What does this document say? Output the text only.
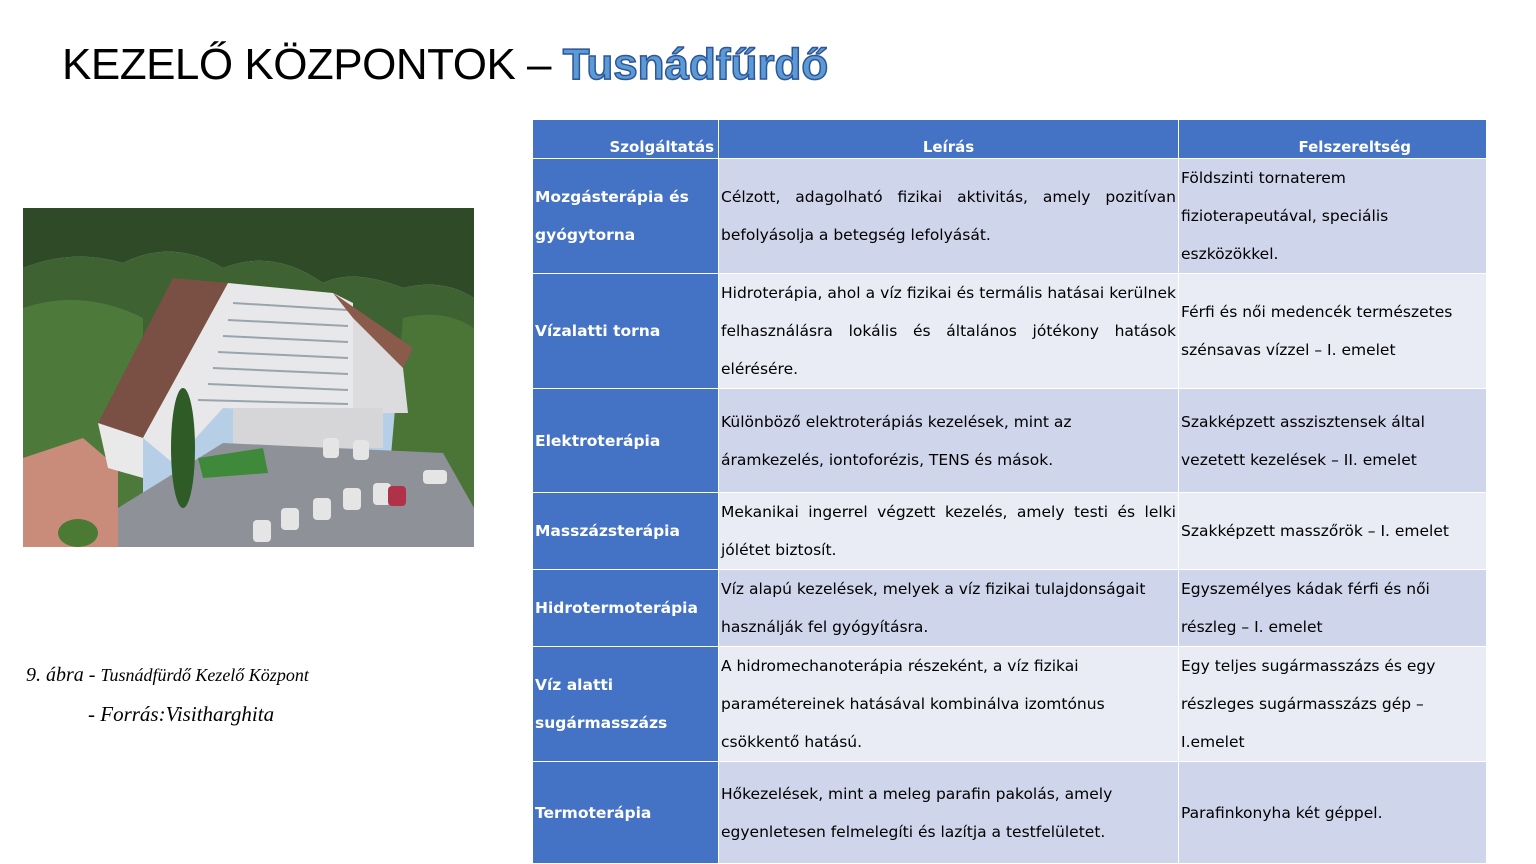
KEZELŐ KÖZPONTOK – Tusnádfűrdő
9. ábra - Tusnádfürdő Kezelő Központ
- Forrás:Visitharghita
Szolgáltatás	Leírás	Felszereltség
Mozgásterápia és gyógytorna	Célzott, adagolható fizikai aktivitás, amely pozitívan befolyásolja a betegség lefolyását.	Földszinti tornaterem fizioterapeutával, speciális eszközökkel.
Vízalatti torna	Hidroterápia, ahol a víz fizikai és termális hatásai kerülnek felhasználásra lokális és általános jótékony hatások elérésére.	Férfi és női medencék természetes szénsavas vízzel – I. emelet
Elektroterápia	Különböző elektroterápiás kezelések, mint az áramkezelés, iontoforézis, TENS és mások.	Szakképzett asszisztensek által vezetett kezelések – II. emelet
Masszázsterápia	Mekanikai ingerrel végzett kezelés, amely testi és lelki jólétet biztosít.	Szakképzett masszőrök – I. emelet
Hidrotermoterápia	Víz alapú kezelések, melyek a víz fizikai tulajdonságait használják fel gyógyításra.	Egyszemélyes kádak férfi és női részleg – I. emelet
Víz alatti sugármasszázs	A hidromechanoterápia részeként, a víz fizikai paramétereinek hatásával kombinálva izomtónus csökkentő hatású.	Egy teljes sugármasszázs és egy részleges sugármasszázs gép – I.emelet
Termoterápia	Hőkezelések, mint a meleg parafin pakolás, amely egyenletesen felmelegíti és lazítja a testfelületet.	Parafinkonyha két géppel.
